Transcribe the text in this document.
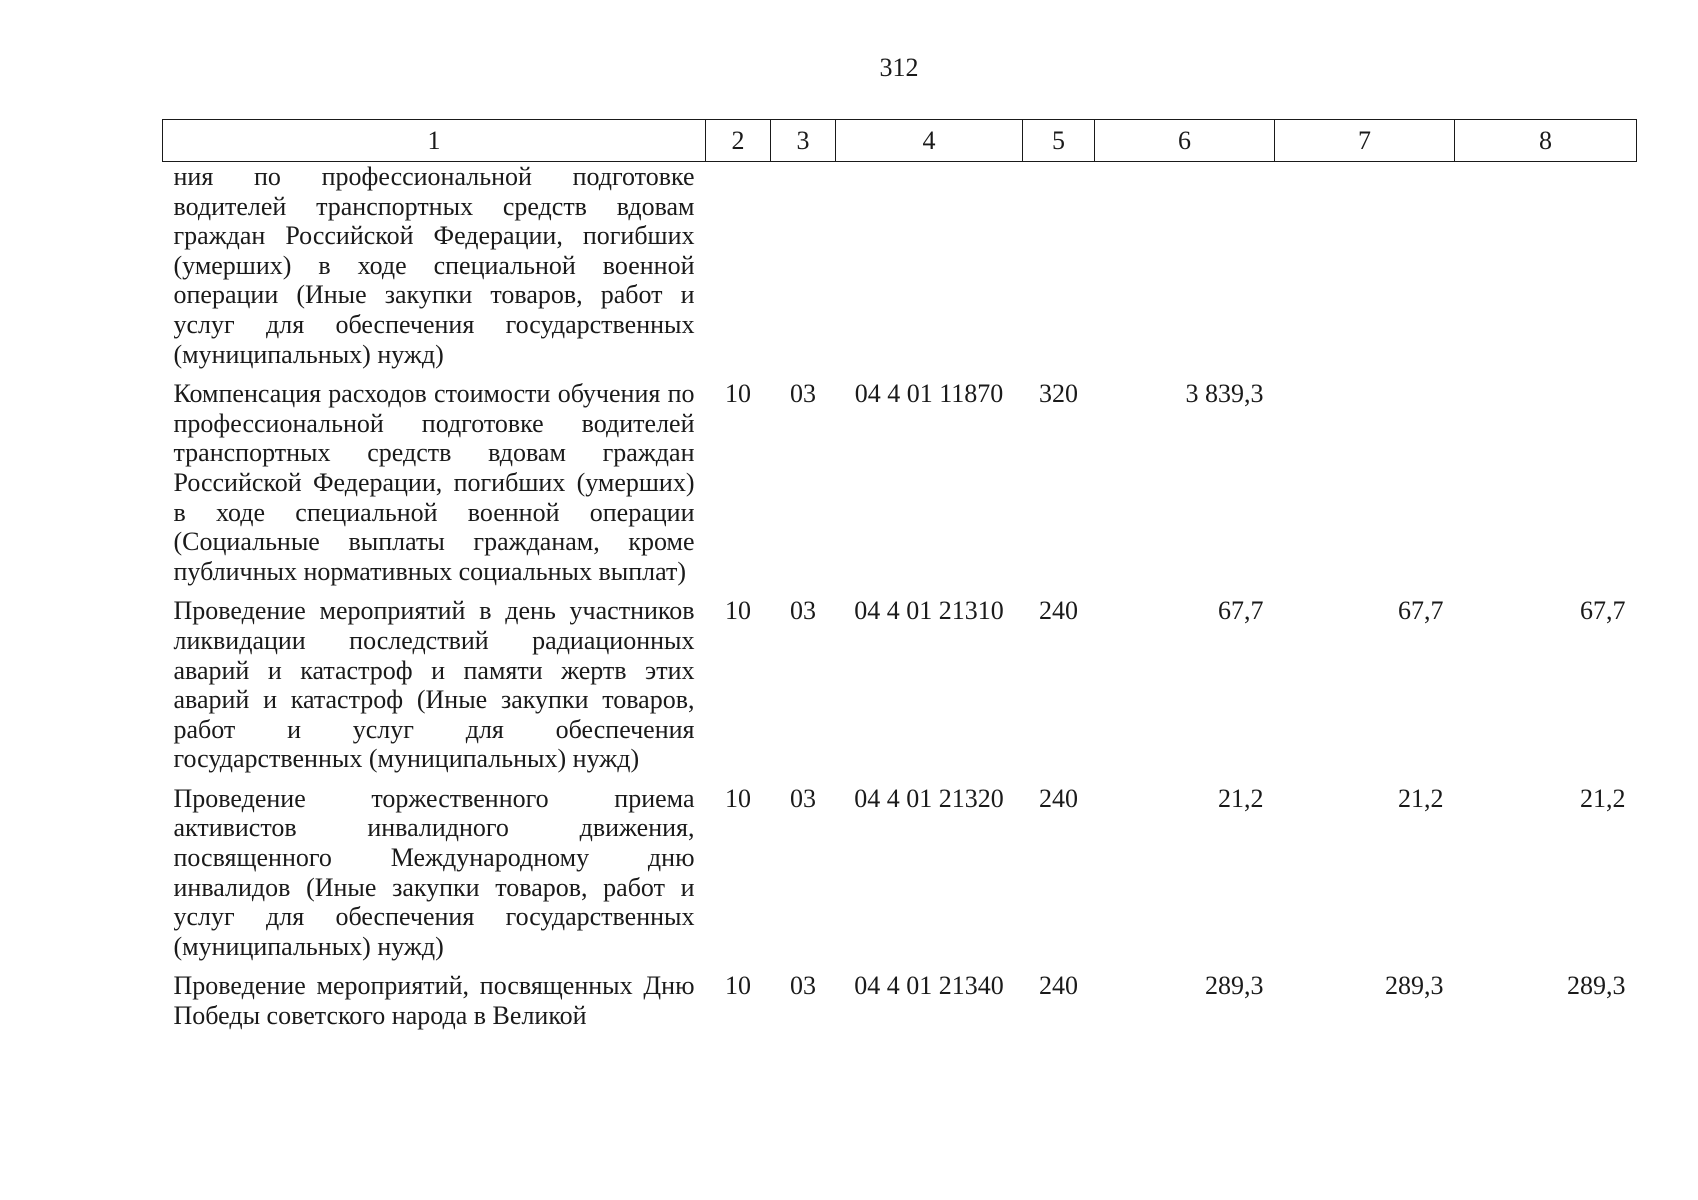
312
1	2	3	4	5	6	7	8
ния по профессиональной подготовке водителей транспортных средств вдовам граждан Российской Федерации, погибших (умерших) в ходе специальной военной операции (Иные закупки товаров, работ и услуг для обеспечения государственных (муниципальных) нужд)							
Компенсация расходов стоимости обучения по профессиональной подготовке водителей транспортных средств вдовам граждан Российской Федерации, погибших (умерших) в ходе специальной военной операции (Социальные выплаты гражданам, кроме публичных нормативных социальных выплат)	10	03	04 4 01 11870	320	3 839,3		
Проведение мероприятий в день участников ликвидации последствий радиационных аварий и катастроф и памяти жертв этих аварий и катастроф (Иные закупки товаров, работ и услуг для обеспечения государственных (муниципальных) нужд)	10	03	04 4 01 21310	240	67,7	67,7	67,7
Проведение торжественного приема активистов инвалидного движения, посвященного Международному дню инвалидов (Иные закупки товаров, работ и услуг для обеспечения государственных (муниципальных) нужд)	10	03	04 4 01 21320	240	21,2	21,2	21,2
Проведение мероприятий, посвященных Дню Победы советского народа в Великой	10	03	04 4 01 21340	240	289,3	289,3	289,3
